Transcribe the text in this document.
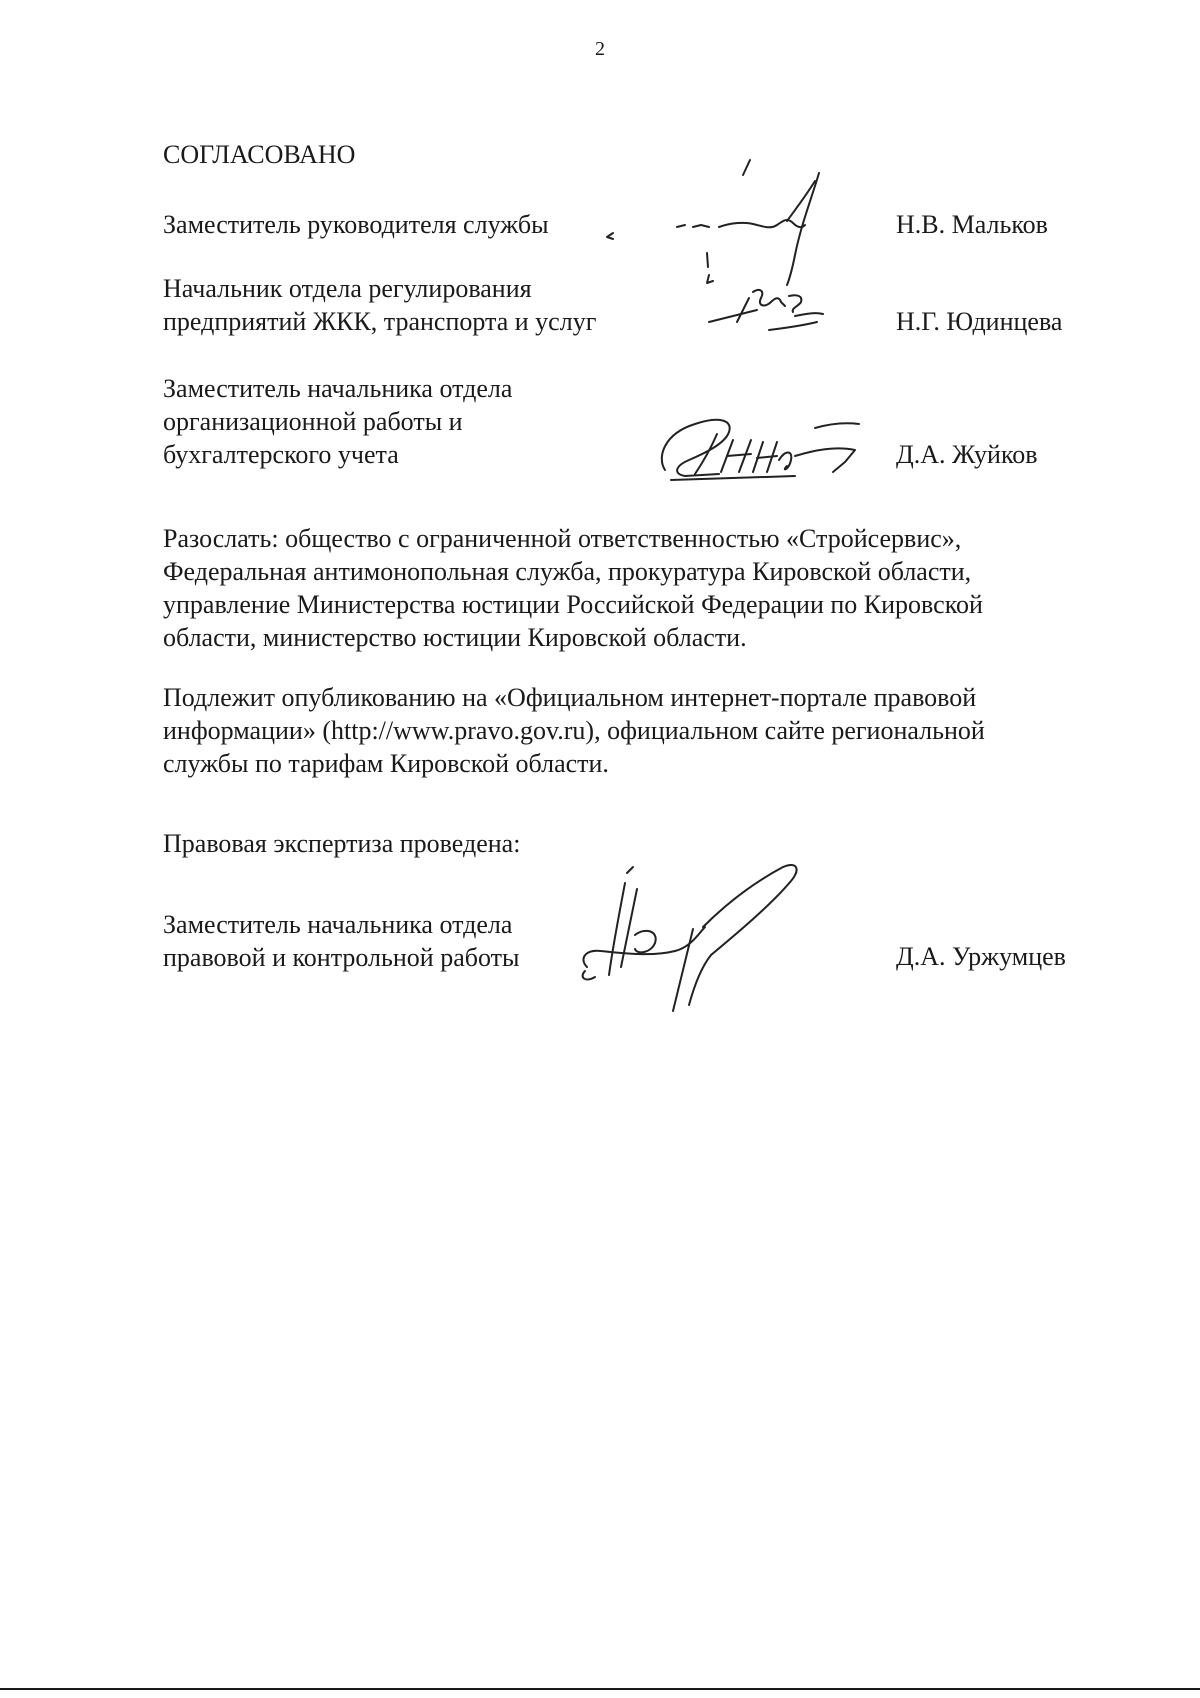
2
СОГЛАСОВАНО
Заместитель руководителя службы	Н.В. Мальков
Начальник отдела регулирования
предприятий ЖКК, транспорта и услуг	Н.Г. Юдинцева
Заместитель начальника отдела
организационной работы и
бухгалтерского учета	Д.А. Жуйков
Разослать: общество с ограниченной ответственностью «Стройсервис»,
Федеральная антимонопольная служба, прокуратура Кировской области,
управление Министерства юстиции Российской Федерации по Кировской
области, министерство юстиции Кировской области.
Подлежит опубликованию на «Официальном интернет-портале правовой
информации» (http://www.pravo.gov.ru), официальном сайте региональной
службы по тарифам Кировской области.
Правовая экспертиза проведена:
Заместитель начальника отдела
правовой и контрольной работы	Д.А. Уржумцев
